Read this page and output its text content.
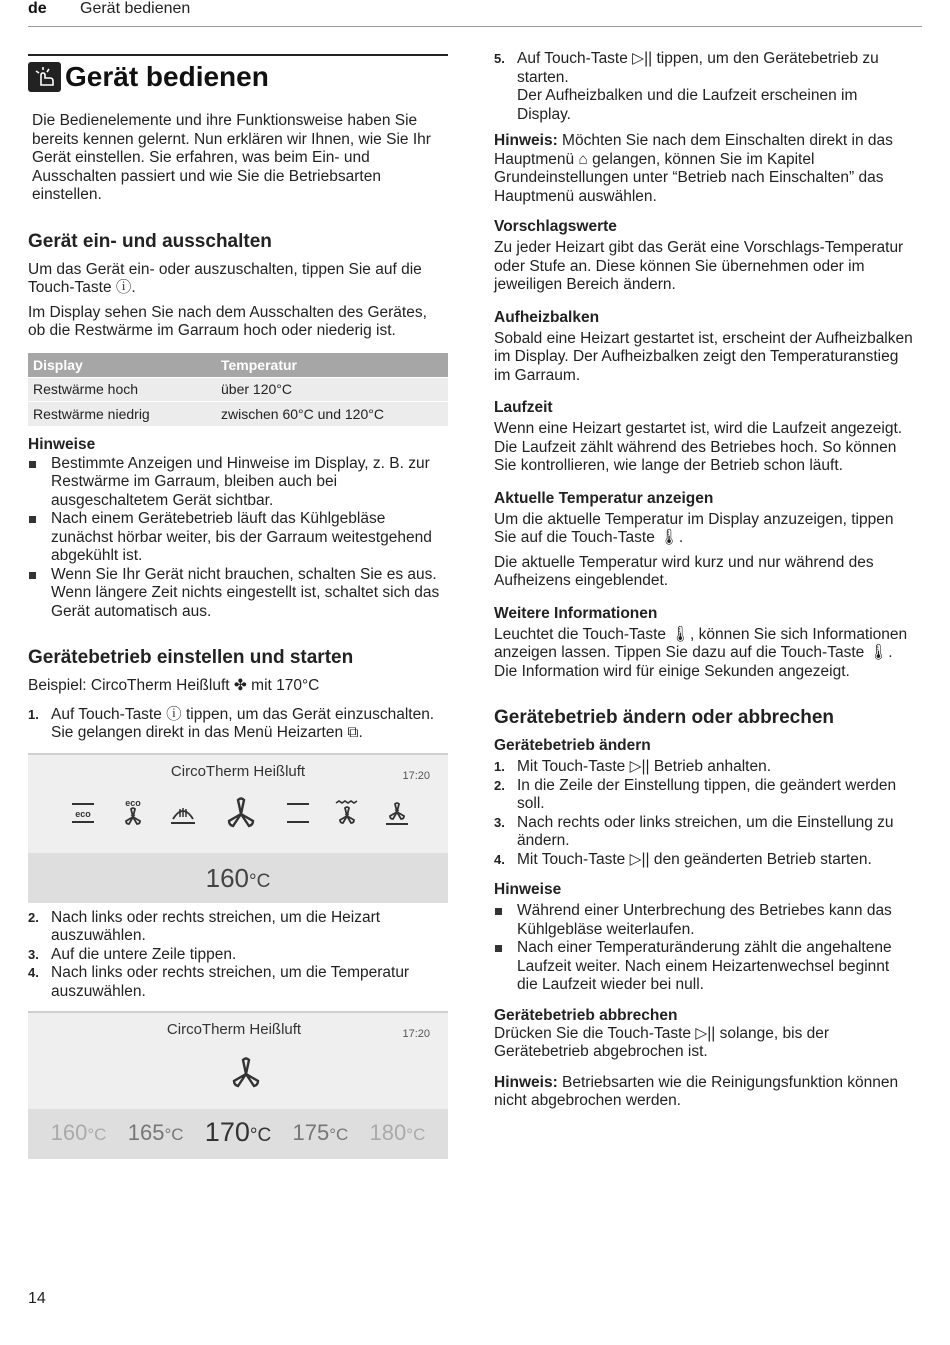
de Gerät bedienen
Gerät bedienen

Die Bedienelemente und ihre Funktionsweise haben Sie bereits kennen gelernt. Nun erklären wir Ihnen, wie Sie Ihr Gerät einstellen. Sie erfahren, was beim Ein- und Ausschalten passiert und wie Sie die Betriebsarten einstellen.

Gerät ein- und ausschalten

Um das Gerät ein- oder auszuschalten, tippen Sie auf die Touch-Taste ⓘ.

Im Display sehen Sie nach dem Ausschalten des Gerätes, ob die Restwärme im Garraum hoch oder niederig ist.

Display	Temperatur
Restwärme hoch	über 120°C
Restwärme niedrig	zwischen 60°C und 120°C
Hinweise
Bestimmte Anzeigen und Hinweise im Display, z. B. zur Restwärme im Garraum, bleiben auch bei ausgeschaltetem Gerät sichtbar.
Nach einem Gerätebetrieb läuft das Kühlgebläse zunächst hörbar weiter, bis der Garraum weitestgehend abgekühlt ist.
Wenn Sie Ihr Gerät nicht brauchen, schalten Sie es aus. Wenn längere Zeit nichts eingestellt ist, schaltet sich das Gerät automatisch aus.
Gerätebetrieb einstellen und starten

Beispiel: CircoTherm Heißluft ✤ mit 170°C

1. Auf Touch-Taste ⓘ tippen, um das Gerät einzuschalten.
Sie gelangen direkt in das Menü Heizarten ⧉.
CircoTherm Heißluft	17:20
eco
eco
160°C
2. Nach links oder rechts streichen, um die Heizart auszuwählen.
3. Auf die untere Zeile tippen.
4. Nach links oder rechts streichen, um die Temperatur auszuwählen.
CircoTherm Heißluft	17:20
160°C 165°C 170°C 175°C 180°C
5. Auf Touch-Taste ▷|| tippen, um den Gerätebetrieb zu starten.
Der Aufheizbalken und die Laufzeit erscheinen im Display.

Hinweis: Möchten Sie nach dem Einschalten direkt in das Hauptmenü ⌂ gelangen, können Sie im Kapitel Grundeinstellungen unter “Betrieb nach Einschalten” das Hauptmenü auswählen.

Vorschlagswerte

Zu jeder Heizart gibt das Gerät eine Vorschlags-Temperatur oder Stufe an. Diese können Sie übernehmen oder im jeweiligen Bereich ändern.

Aufheizbalken

Sobald eine Heizart gestartet ist, erscheint der Aufheizbalken im Display. Der Aufheizbalken zeigt den Temperaturanstieg im Garraum.

Laufzeit

Wenn eine Heizart gestartet ist, wird die Laufzeit angezeigt. Die Laufzeit zählt während des Betriebes hoch. So können Sie kontrollieren, wie lange der Betrieb schon läuft.

Aktuelle Temperatur anzeigen

Um die aktuelle Temperatur im Display anzuzeigen, tippen Sie auf die Touch-Taste 🌡.

Die aktuelle Temperatur wird kurz und nur während des Aufheizens eingeblendet.

Weitere Informationen

Leuchtet die Touch-Taste 🌡, können Sie sich Informationen anzeigen lassen. Tippen Sie dazu auf die Touch-Taste 🌡. Die Information wird für einige Sekunden angezeigt.

Gerätebetrieb ändern oder abbrechen
Gerätebetrieb ändern
1. Mit Touch-Taste ▷|| Betrieb anhalten.
2. In die Zeile der Einstellung tippen, die geändert werden soll.
3. Nach rechts oder links streichen, um die Einstellung zu ändern.
4. Mit Touch-Taste ▷|| den geänderten Betrieb starten.
Hinweise
Während einer Unterbrechung des Betriebes kann das Kühlgebläse weiterlaufen.
Nach einer Temperaturänderung zählt die angehaltene Laufzeit weiter. Nach einem Heizartenwechsel beginnt die Laufzeit wieder bei null.
Gerätebetrieb abbrechen

Drücken Sie die Touch-Taste ▷|| solange, bis der Gerätebetrieb abgebrochen ist.

Hinweis: Betriebsarten wie die Reinigungsfunktion können nicht abgebrochen werden.

14
